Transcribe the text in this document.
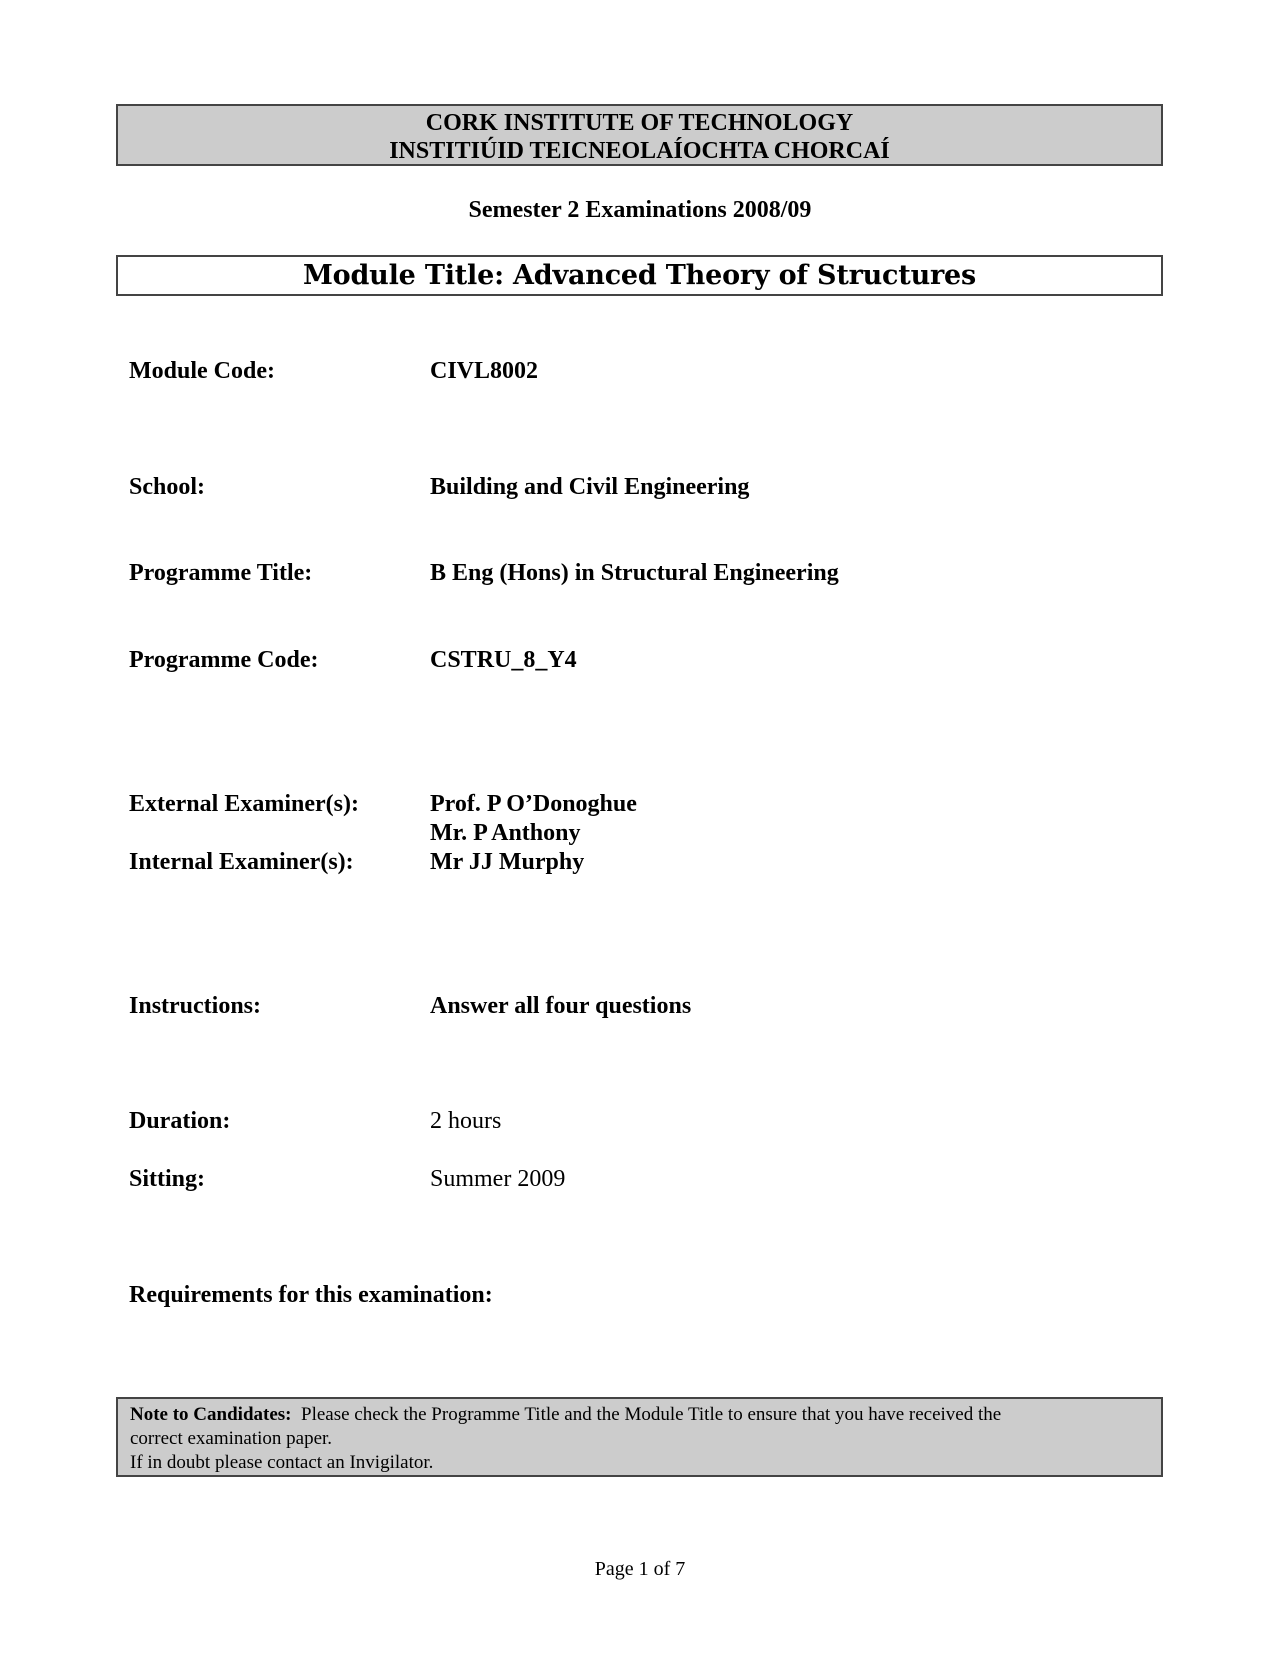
CORK INSTITUTE OF TECHNOLOGY
INSTITIÚID TEICNEOLAÍOCHTA CHORCAÍ
Semester 2 Examinations 2008/09
Module Title: Advanced Theory of Structures
Module Code:	CIVL8002
School:	Building and Civil Engineering
Programme Title:	B Eng (Hons) in Structural Engineering
Programme Code:	CSTRU_8_Y4
External Examiner(s):	Prof. P O’Donoghue
Mr. P Anthony
Internal Examiner(s):	Mr JJ Murphy
Instructions:	Answer all four questions
Duration:	2 hours
Sitting:	Summer 2009
Requirements for this examination:
Note to Candidates: Please check the Programme Title and the Module Title to ensure that you have received the
correct examination paper.
If in doubt please contact an Invigilator.
Page 1 of 7
